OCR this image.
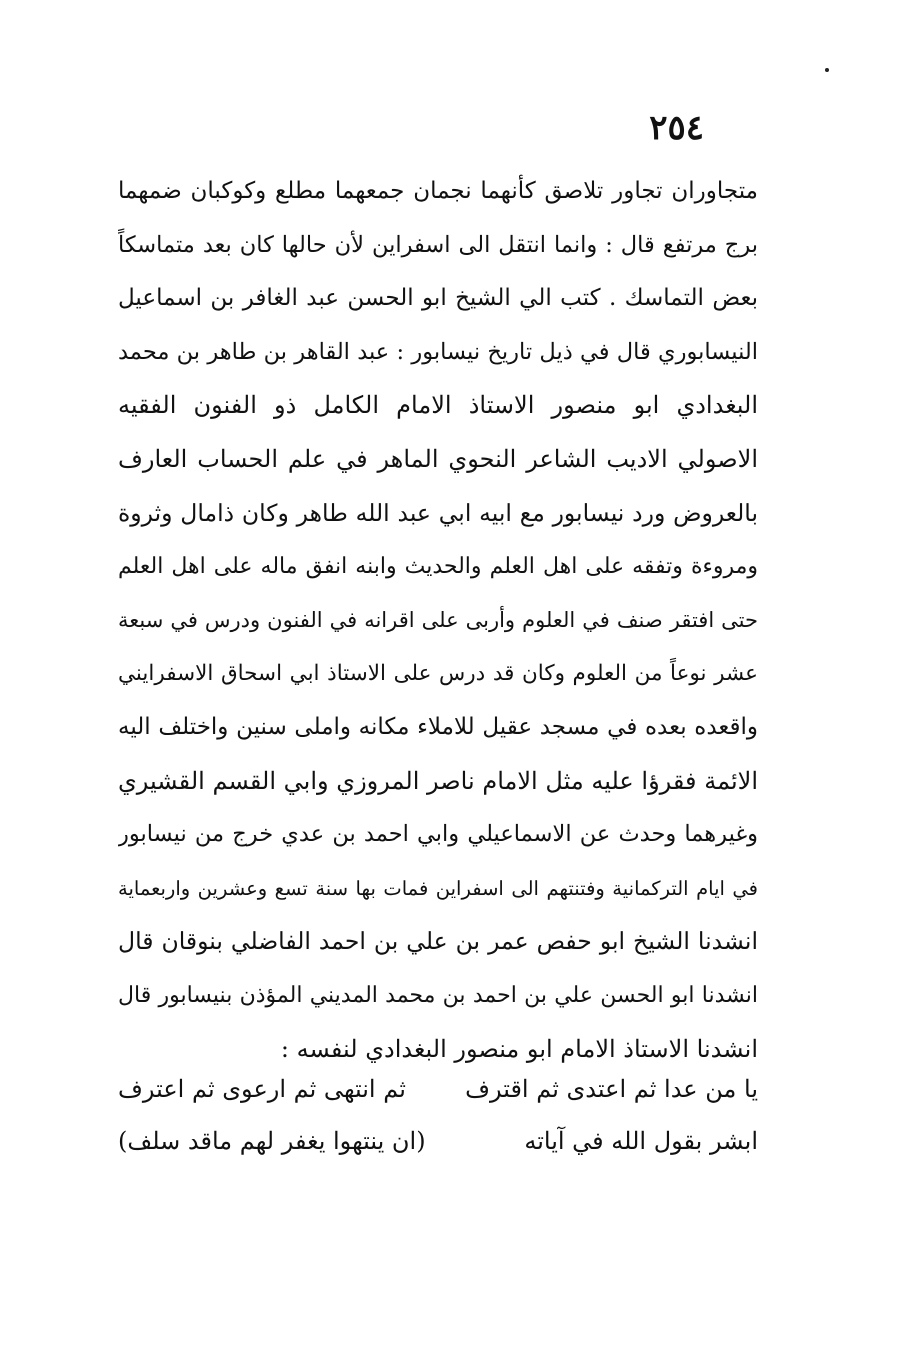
٢٥٤
متجاوران تجاور تلاصق كأنهما نجمان جمعهما مطلع وكوكبان ضمهما
برج مرتفع قال : وانما انتقل الى اسفراين لأن حالها كان بعد متماسكاً
بعض التماسك . كتب الي الشيخ ابو الحسن عبد الغافر بن اسماعيل
النيسابوري قال في ذيل تاريخ نيسابور : عبد القاهر بن طاهر بن محمد
البغدادي ابو منصور الاستاذ الامام الكامل ذو الفنون الفقيه
الاصولي الاديب الشاعر النحوي الماهر في علم الحساب العارف
بالعروض ورد نيسابور مع ابيه ابي عبد الله طاهر وكان ذامال وثروة
ومروءة وتفقه على اهل العلم والحديث وابنه انفق ماله على اهل العلم
حتى افتقر صنف في العلوم وأربى على اقرانه في الفنون ودرس في سبعة
عشر نوعاً من العلوم وكان قد درس على الاستاذ ابي اسحاق الاسفرايني
واقعده بعده في مسجد عقيل للاملاء مكانه واملى سنين واختلف اليه
الائمة فقرؤا عليه مثل الامام ناصر المروزي وابي القسم القشيري
وغيرهما وحدث عن الاسماعيلي وابي احمد بن عدي خرج من نيسابور
في ايام التركمانية وفتنتهم الى اسفراين فمات بها سنة تسع وعشرين واربعماية
انشدنا الشيخ ابو حفص عمر بن علي بن احمد الفاضلي بنوقان قال
انشدنا ابو الحسن علي بن احمد بن محمد المديني المؤذن بنيسابور قال
انشدنا الاستاذ الامام ابو منصور البغدادي لنفسه :
يا من عدا ثم اعتدى ثم اقترف
ثم انتهى ثم ارعوى ثم اعترف
ابشر بقول الله في آياته
(ان ينتهوا يغفر لهم ماقد سلف)
